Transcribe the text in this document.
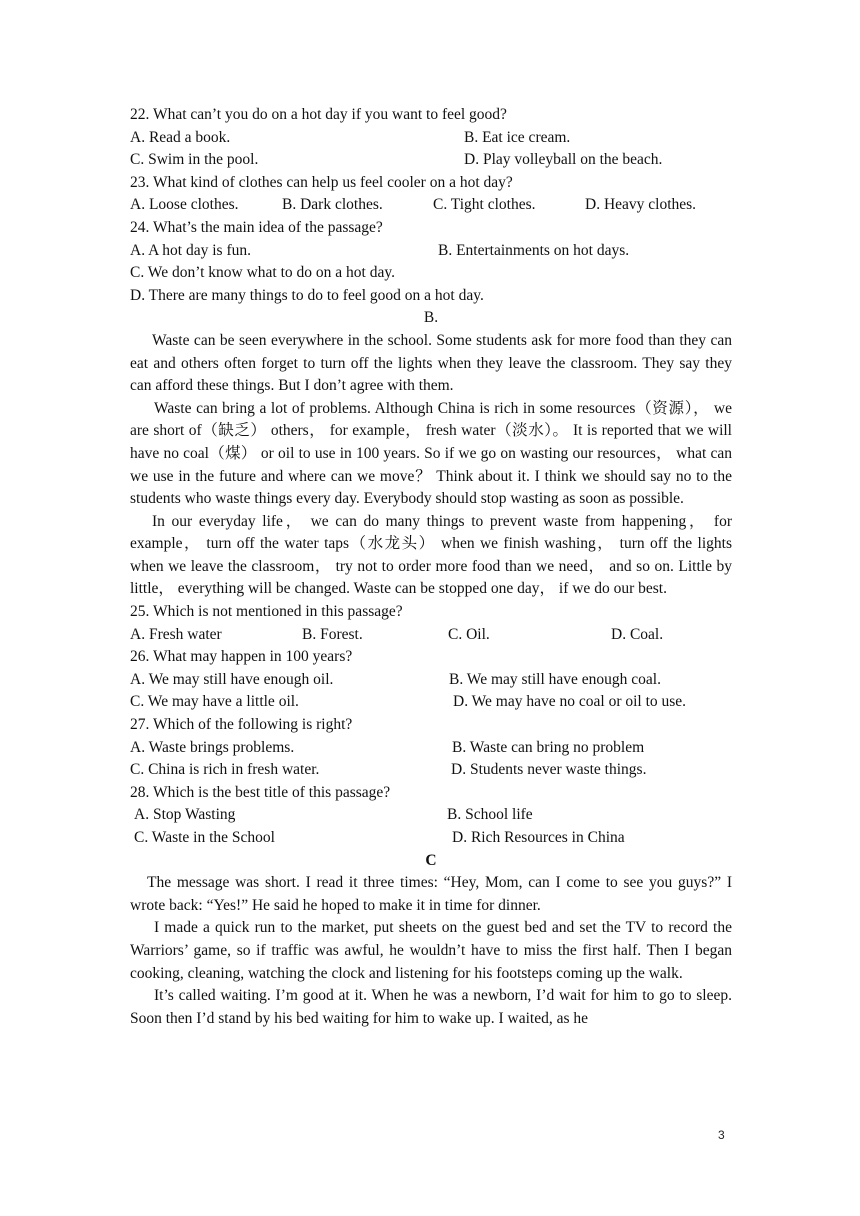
22. What can’t you do on a hot day if you want to feel good?
A. Read a book.	B. Eat ice cream.
C. Swim in the pool.	D. Play volleyball on the beach.
23. What kind of clothes can help us feel cooler on a hot day?
A. Loose clothes.	B. Dark clothes.	C. Tight clothes.	D. Heavy clothes.
24. What’s the main idea of the passage?
A. A hot day is fun.	B. Entertainments on hot days.
C. We don’t know what to do on a hot day.
D. There are many things to do to feel good on a hot day.
B.
Waste can be seen everywhere in the school. Some students ask for more food than they can eat and others often forget to turn off the lights when they leave the classroom. They say they can afford these things. But I don’t agree with them.
Waste can bring a lot of problems. Although China is rich in some resources（资源）， we are short of（缺乏） others， for example， fresh water（淡水）。 It is reported that we will have no coal（煤） or oil to use in 100 years. So if we go on wasting our resources， what can we use in the future and where can we move？ Think about it. I think we should say no to the students who waste things every day. Everybody should stop wasting as soon as possible.
In our everyday life， we can do many things to prevent waste from happening， for example， turn off the water taps（水龙头） when we finish washing， turn off the lights when we leave the classroom， try not to order more food than we need， and so on. Little by little， everything will be changed. Waste can be stopped one day， if we do our best.
25. Which is not mentioned in this passage?
A. Fresh water	B. Forest.	C. Oil.	D. Coal.
26. What may happen in 100 years?
A. We may still have enough oil.	B. We may still have enough coal.
C. We may have a little oil.	D. We may have no coal or oil to use.
27. Which of the following is right?
A. Waste brings problems.	B. Waste can bring no problem
C. China is rich in fresh water.	D. Students never waste things.
28. Which is the best title of this passage?
A. Stop Wasting	B. School life
C. Waste in the School	D. Rich Resources in China
C
The message was short. I read it three times: “Hey, Mom, can I come to see you guys?” I wrote back: “Yes!” He said he hoped to make it in time for dinner.
I made a quick run to the market, put sheets on the guest bed and set the TV to record the Warriors’ game, so if traffic was awful, he wouldn’t have to miss the first half. Then I began cooking, cleaning, watching the clock and listening for his footsteps coming up the walk.
It’s called waiting. I’m good at it. When he was a newborn, I’d wait for him to go to sleep. Soon then I’d stand by his bed waiting for him to wake up. I waited, as he
3
